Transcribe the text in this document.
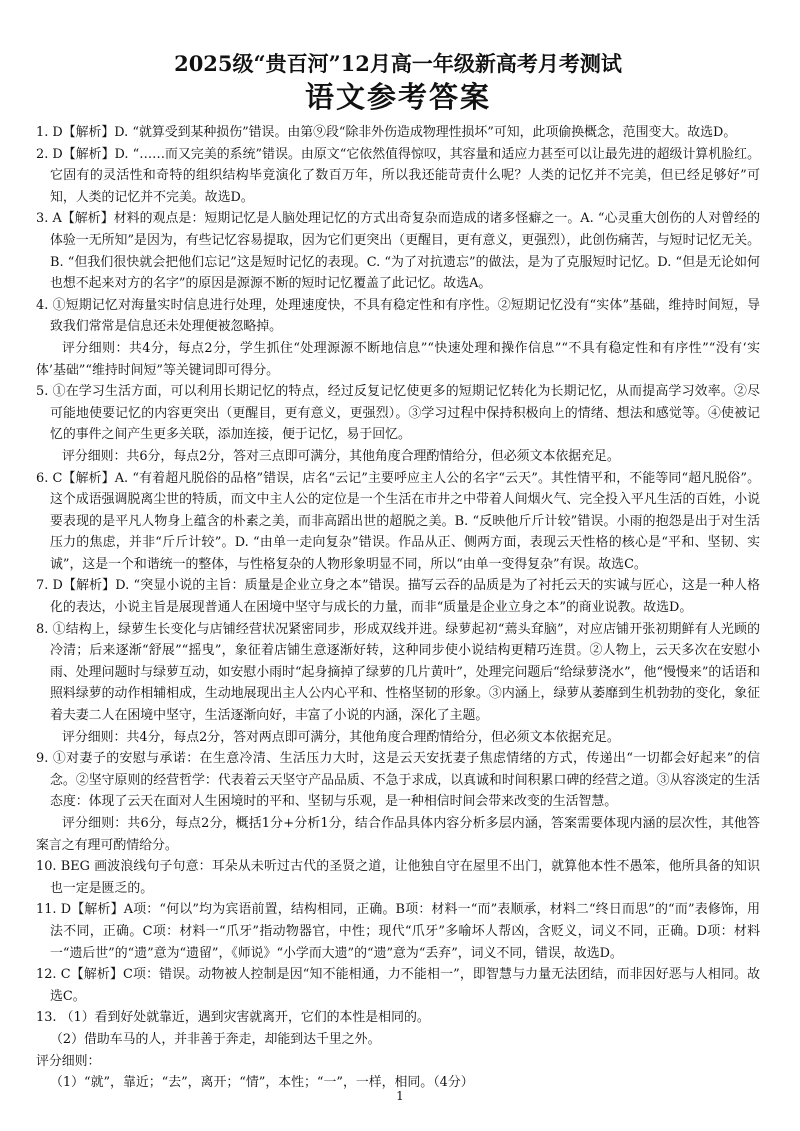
2025级“贵百河”12月高一年级新高考月考测试
语文参考答案

1. D【解析】D. “就算受到某种损伤”错误。由第⑨段“除非外伤造成物理性损坏”可知，此项偷换概念，范围变大。故选D。

2. D【解析】D. “……而又完美的系统”错误。由原文“它依然值得惊叹，其容量和适应力甚至可以让最先进的超级计算机脸红。它固有的灵活性和奇特的组织结构毕竟演化了数百万年，所以我还能苛责什么呢？人类的记忆并不完美，但已经足够好”可知，人类的记忆并不完美。故选D。

3. A【解析】材料的观点是：短期记忆是人脑处理记忆的方式出奇复杂而造成的诸多怪癖之一。A. “心灵重大创伤的人对曾经的体验一无所知”是因为，有些记忆容易提取，因为它们更突出（更醒目，更有意义，更强烈），此创伤痛苦，与短时记忆无关。B. “但我们很快就会把他们忘记”这是短时记忆的表现。C. “为了对抗遗忘”的做法，是为了克服短时记忆。D. “但是无论如何也想不起来对方的名字”的原因是源源不断的短时记忆覆盖了此记忆。故选A。

4. ①短期记忆对海量实时信息进行处理，处理速度快，不具有稳定性和有序性。②短期记忆没有“实体”基础，维持时间短，导致我们常常是信息还未处理便被忽略掉。

评分细则：共4分，每点2分，学生抓住“处理源源不断地信息”“快速处理和操作信息”“不具有稳定性和有序性”“没有‘实体’基础”“维持时间短”等关键词即可得分。

5. ①在学习生活方面，可以利用长期记忆的特点，经过反复记忆使更多的短期记忆转化为长期记忆，从而提高学习效率。②尽可能地使要记忆的内容更突出（更醒目，更有意义，更强烈）。③学习过程中保持积极向上的情绪、想法和感觉等。④使被记忆的事件之间产生更多关联，添加连接，便于记忆，易于回忆。

评分细则：共6分，每点2分，答对三点即可满分，其他角度合理酌情给分，但必须文本依据充足。

6. C【解析】A. “有着超凡脱俗的品格”错误，店名“云记”主要呼应主人公的名字“云天”。其性情平和，不能等同“超凡脱俗”。这个成语强调脱离尘世的特质，而文中主人公的定位是一个生活在市井之中带着人间烟火气、完全投入平凡生活的百姓，小说要表现的是平凡人物身上蕴含的朴素之美，而非高蹈出世的超脱之美。B. “反映他斤斤计较”错误。小雨的抱怨是出于对生活压力的焦虑，并非“斤斤计较”。D. “由单一走向复杂”错误。作品从正、侧两方面，表现云天性格的核心是“平和、坚韧、实诚”，这是一个和谐统一的整体，与性格复杂的人物形象明显不同，所以“由单一变得复杂”有误。故选C。

7. D【解析】D. “突显小说的主旨：质量是企业立身之本”错误。描写云吞的品质是为了衬托云天的实诚与匠心，这是一种人格化的表达，小说主旨是展现普通人在困境中坚守与成长的力量，而非“质量是企业立身之本”的商业说教。故选D。

8. ①结构上，绿萝生长变化与店铺经营状况紧密同步，形成双线并进。绿萝起初“蔫头耷脑”，对应店铺开张初期鲜有人光顾的冷清；后来逐渐“舒展”“摇曳”，象征着店铺生意逐渐好转，这种同步使小说结构更精巧连贯。②人物上，云天多次在安慰小雨、处理问题时与绿萝互动，如安慰小雨时“起身摘掉了绿萝的几片黄叶”，处理完问题后“给绿萝浇水”，他“慢慢来”的话语和照料绿萝的动作相辅相成，生动地展现出主人公内心平和、性格坚韧的形象。③内涵上，绿萝从萎靡到生机勃勃的变化，象征着夫妻二人在困境中坚守，生活逐渐向好，丰富了小说的内涵，深化了主题。

评分细则：共4分，每点2分，答对两点即可满分，其他角度合理酌情给分，但必须文本依据充足。

9. ①对妻子的安慰与承诺：在生意冷清、生活压力大时，这是云天安抚妻子焦虑情绪的方式，传递出“一切都会好起来”的信念。②坚守原则的经营哲学：代表着云天坚守产品品质、不急于求成，以真诚和时间积累口碑的经营之道。③从容淡定的生活态度：体现了云天在面对人生困境时的平和、坚韧与乐观，是一种相信时间会带来改变的生活智慧。

评分细则：共6分，每点2分，概括1分+分析1分，结合作品具体内容分析多层内涵，答案需要体现内涵的层次性，其他答案言之有理可酌情给分。

10. BEG 画波浪线句子句意：耳朵从未听过古代的圣贤之道，让他独自守在屋里不出门，就算他本性不愚笨，他所具备的知识也一定是匮乏的。

11. D【解析】A项：“何以”均为宾语前置，结构相同，正确。B项：材料一“而”表顺承，材料二“终日而思”的“而”表修饰，用法不同，正确。C项：材料一“爪牙”指动物器官，中性；现代“爪牙”多喻坏人帮凶，含贬义，词义不同，正确。D项：材料一“遗后世”的“遗”意为“遗留”，《师说》“小学而大遗”的“遗”意为“丢弃”，词义不同，错误，故选D。

12. C【解析】C项：错误。动物被人控制是因“知不能相通，力不能相一”，即智慧与力量无法团结，而非因好恶与人相同。故选C。

13. （1）看到好处就靠近，遇到灾害就离开，它们的本性是相同的。

（2）借助车马的人，并非善于奔走，却能到达千里之外。

评分细则：

（1）“就”，靠近；“去”，离开；“情”，本性；“一”，一样，相同。（4分）

1
